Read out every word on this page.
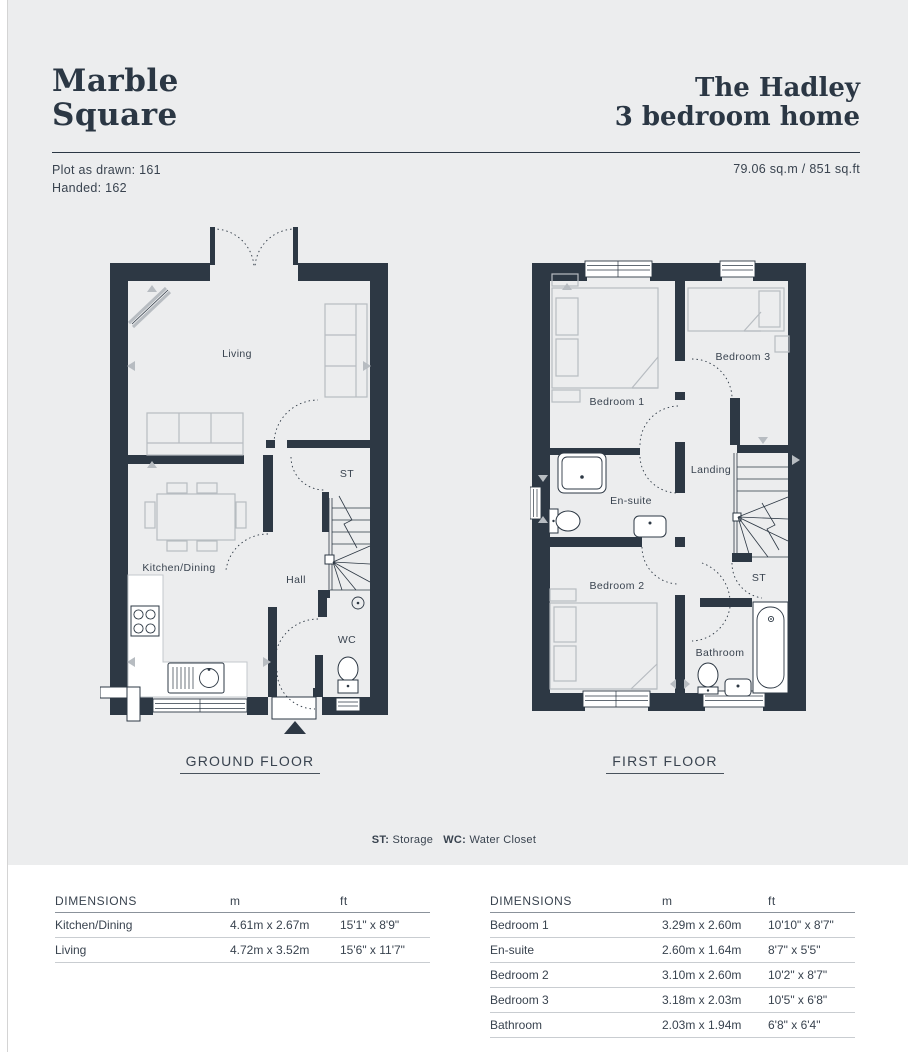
Marble
Square
The Hadley
3 bedroom home
Plot as drawn: 161
Handed: 162
79.06 sq.m / 851 sq.ft
Living
Kitchen/Dining
Hall
ST
WC
Bedroom 1
Bedroom 3
Landing
En-suite
Bedroom 2
ST
Bathroom
GROUND FLOOR	FIRST FLOOR
ST: Storage WC: Water Closet
DIMENSIONS	m	ft
Kitchen/Dining	4.61m x 2.67m	15'1" x 8'9"
Living	4.72m x 3.52m	15'6" x 11'7"
DIMENSIONS	m	ft
Bedroom 1	3.29m x 2.60m	10'10" x 8'7"
En-suite	2.60m x 1.64m	8'7" x 5'5"
Bedroom 2	3.10m x 2.60m	10'2" x 8'7"
Bedroom 3	3.18m x 2.03m	10'5" x 6'8"
Bathroom	2.03m x 1.94m	6'8" x 6'4"
